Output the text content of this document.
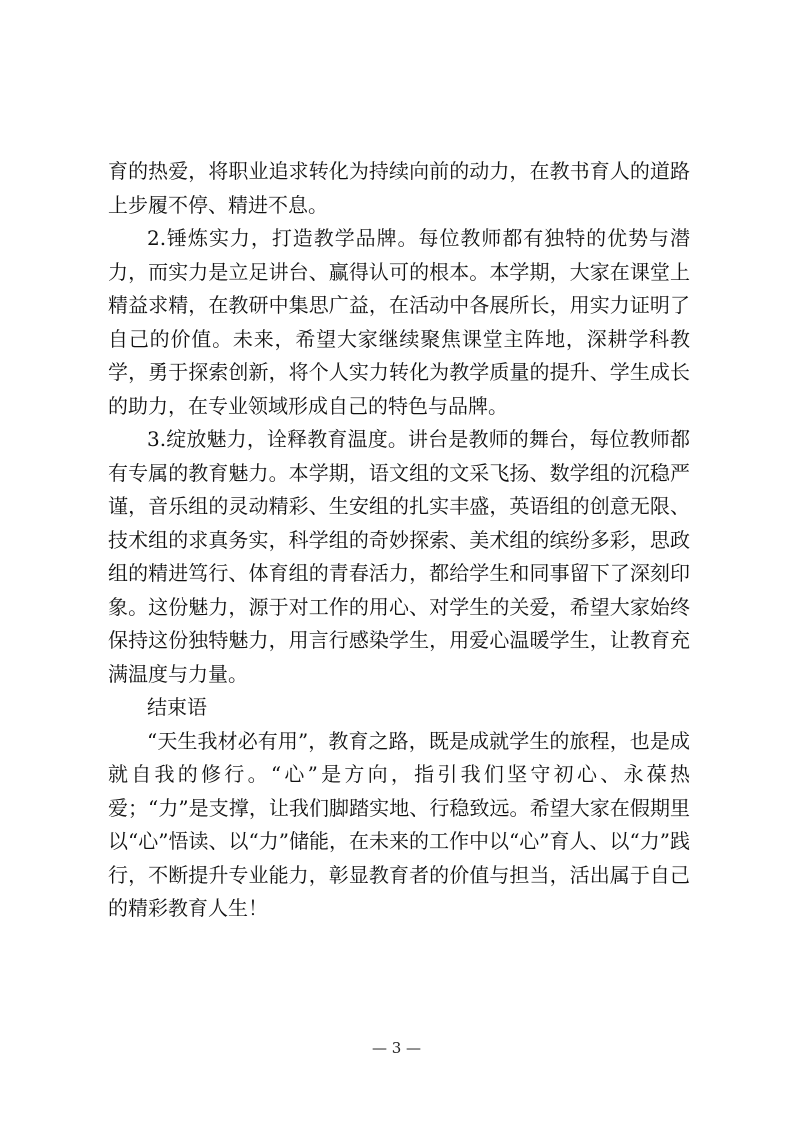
育的热爱，将职业追求转化为持续向前的动力，在教书育人的道路上步履不停、精进不息。

2.锤炼实力，打造教学品牌。每位教师都有独特的优势与潜力，而实力是立足讲台、赢得认可的根本。本学期，大家在课堂上精益求精，在教研中集思广益，在活动中各展所长，用实力证明了自己的价值。未来，希望大家继续聚焦课堂主阵地，深耕学科教学，勇于探索创新，将个人实力转化为教学质量的提升、学生成长的助力，在专业领域形成自己的特色与品牌。

3.绽放魅力，诠释教育温度。讲台是教师的舞台，每位教师都有专属的教育魅力。本学期，语文组的文采飞扬、数学组的沉稳严谨，音乐组的灵动精彩、生安组的扎实丰盛，英语组的创意无限、技术组的求真务实，科学组的奇妙探索、美术组的缤纷多彩，思政组的精进笃行、体育组的青春活力，都给学生和同事留下了深刻印象。这份魅力，源于对工作的用心、对学生的关爱，希望大家始终保持这份独特魅力，用言行感染学生，用爱心温暖学生，让教育充满温度与力量。

结束语

“天生我材必有用”，教育之路，既是成就学生的旅程，也是成就自我的修行。“心”是方向，指引我们坚守初心、永葆热爱；“力”是支撑，让我们脚踏实地、行稳致远。希望大家在假期里以“心”悟读、以“力”储能，在未来的工作中以“心”育人、以“力”践行，不断提升专业能力，彰显教育者的价值与担当，活出属于自己的精彩教育人生！

— 3 —
